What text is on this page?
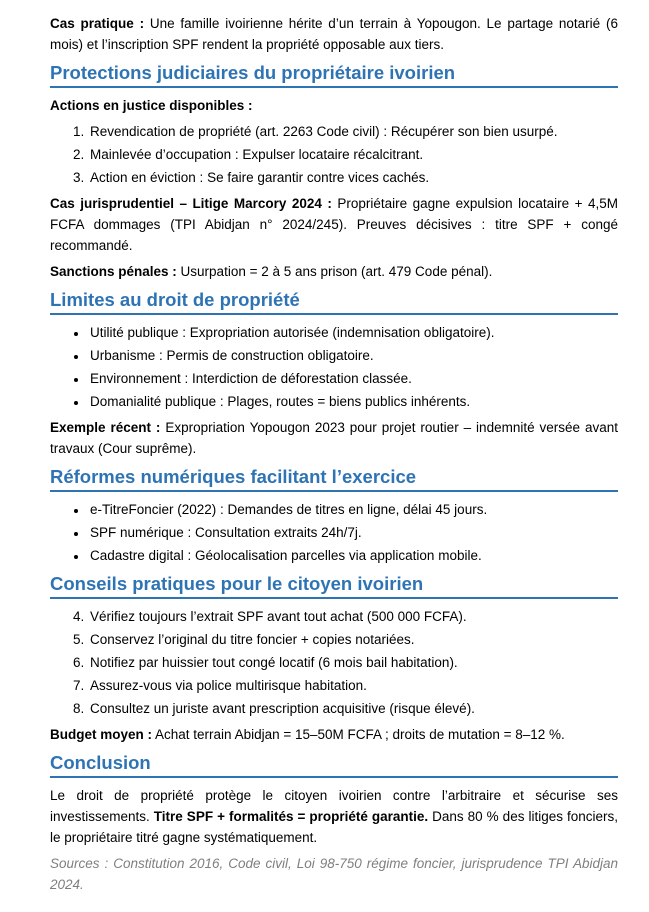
Cas pratique : Une famille ivoirienne hérite d’un terrain à Yopougon. Le partage notarié (6 mois) et l’inscription SPF rendent la propriété opposable aux tiers.

Protections judiciaires du propriétaire ivoirien

Actions en justice disponibles :

1. Revendication de propriété (art. 2263 Code civil) : Récupérer son bien usurpé.
2. Mainlevée d’occupation : Expulser locataire récalcitrant.
3. Action en éviction : Se faire garantir contre vices cachés.

Cas jurisprudentiel – Litige Marcory 2024 : Propriétaire gagne expulsion locataire + 4,5M FCFA dommages (TPI Abidjan n° 2024/245). Preuves décisives : titre SPF + congé recommandé.

Sanctions pénales : Usurpation = 2 à 5 ans prison (art. 479 Code pénal).

Limites au droit de propriété
• Utilité publique : Expropriation autorisée (indemnisation obligatoire).
• Urbanisme : Permis de construction obligatoire.
• Environnement : Interdiction de déforestation classée.
• Domanialité publique : Plages, routes = biens publics inhérents.

Exemple récent : Expropriation Yopougon 2023 pour projet routier – indemnité versée avant travaux (Cour suprême).

Réformes numériques facilitant l’exercice
• e-TitreFoncier (2022) : Demandes de titres en ligne, délai 45 jours.
• SPF numérique : Consultation extraits 24h/7j.
• Cadastre digital : Géolocalisation parcelles via application mobile.
Conseils pratiques pour le citoyen ivoirien
4. Vérifiez toujours l’extrait SPF avant tout achat (500 000 FCFA).
5. Conservez l’original du titre foncier + copies notariées.
6. Notifiez par huissier tout congé locatif (6 mois bail habitation).
7. Assurez-vous via police multirisque habitation.
8. Consultez un juriste avant prescription acquisitive (risque élevé).

Budget moyen : Achat terrain Abidjan = 15–50M FCFA ; droits de mutation = 8–12 %.

Conclusion

Le droit de propriété protège le citoyen ivoirien contre l’arbitraire et sécurise ses investissements. Titre SPF + formalités = propriété garantie. Dans 80 % des litiges fonciers, le propriétaire titré gagne systématiquement.

Sources : Constitution 2016, Code civil, Loi 98-750 régime foncier, jurisprudence TPI Abidjan 2024.
